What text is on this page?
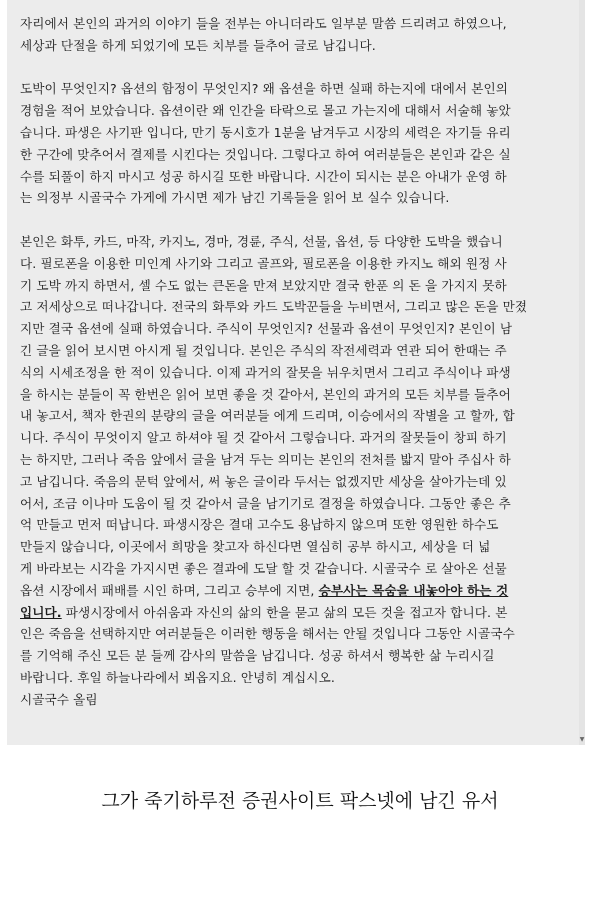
자리에서 본인의 과거의 이야기 들을 전부는 아니더라도 일부분 말씀 드리려고 하였으나,
세상과 단절을 하게 되었기에 모든 치부를 들추어 글로 남깁니다.
도박이 무엇인지? 옵션의 함정이 무엇인지? 왜 옵션을 하면 실패 하는지에 대에서 본인의
경험을 적어 보았습니다. 옵션이란 왜 인간을 타락으로 몰고 가는지에 대해서 서술해 놓았
습니다. 파생은 사기판 입니다, 만기 동시호가 1분을 남겨두고 시장의 세력은 자기들 유리
한 구간에 맞추어서 결제를 시킨다는 것입니다. 그렇다고 하여 여러분들은 본인과 같은 실
수를 되풀이 하지 마시고 성공 하시길 또한 바랍니다. 시간이 되시는 분은 아내가 운영 하
는 의정부 시골국수 가게에 가시면 제가 남긴 기록들을 읽어 보 실수 있습니다.
본인은 화투, 카드, 마작, 카지노, 경마, 경륜, 주식, 선물, 옵션, 등 다양한 도박을 했습니
다. 필로폰을 이용한 미인계 사기와 그리고 골프와, 필로폰을 이용한 카지노 해외 원정 사
기 도박 까지 하면서, 셀 수도 없는 큰돈을 만져 보았지만 결국 한푼 의 돈 을 가지지 못하
고 저세상으로 떠나갑니다. 전국의 화투와 카드 도박꾼들을 누비면서, 그리고 많은 돈을 만졌
지만 결국 옵션에 실패 하였습니다. 주식이 무엇인지? 선물과 옵션이 무엇인지? 본인이 남
긴 글을 읽어 보시면 아시게 될 것입니다. 본인은 주식의 작전세력과 연관 되어 한때는 주
식의 시세조정을 한 적이 있습니다. 이제 과거의 잘못을 뉘우치면서 그리고 주식이나 파생
을 하시는 분들이 꼭 한번은 읽어 보면 좋을 것 같아서, 본인의 과거의 모든 치부를 들추어
내 놓고서, 책자 한권의 분량의 글을 여러분들 에게 드리며, 이승에서의 작별을 고 할까, 합
니다. 주식이 무엇이지 알고 하셔야 될 것 같아서 그렇습니다. 과거의 잘못들이 창피 하기
는 하지만, 그러나 죽음 앞에서 글을 남겨 두는 의미는 본인의 전처를 밟지 말아 주십사 하
고 남깁니다. 죽음의 문턱 앞에서, 써 놓은 글이라 두서는 없겠지만 세상을 살아가는데 있
어서, 조금 이나마 도움이 될 것 같아서 글을 남기기로 결정을 하였습니다. 그동안 좋은 추
억 만들고 먼저 떠납니다. 파생시장은 결대 고수도 용납하지 않으며 또한 영원한 하수도
만들지 않습니다, 이곳에서 희망을 찾고자 하신다면 열심히 공부 하시고, 세상을 더 넓
게 바라보는 시각을 가지시면 좋은 결과에 도달 할 것 같습니다. 시골국수 로 살아온 선물
옵션 시장에서 패배를 시인 하며, 그리고 승부에 지면, 승부사는 목숨을 내놓아야 하는 것
입니다. 파생시장에서 아쉬움과 자신의 삶의 한을 묻고 삶의 모든 것을 접고자 합니다. 본
인은 죽음을 선택하지만 여러분들은 이러한 행동을 해서는 안될 것입니다 그동안 시골국수
를 기억해 주신 모든 분 들께 감사의 말씀을 남깁니다. 성공 하셔서 행복한 삶 누리시길
바랍니다. 후일 하늘나라에서 뵈옵지요. 안녕히 계십시오.
시골국수 올림
▼
그가 죽기하루전 증권사이트 팍스넷에 남긴 유서
